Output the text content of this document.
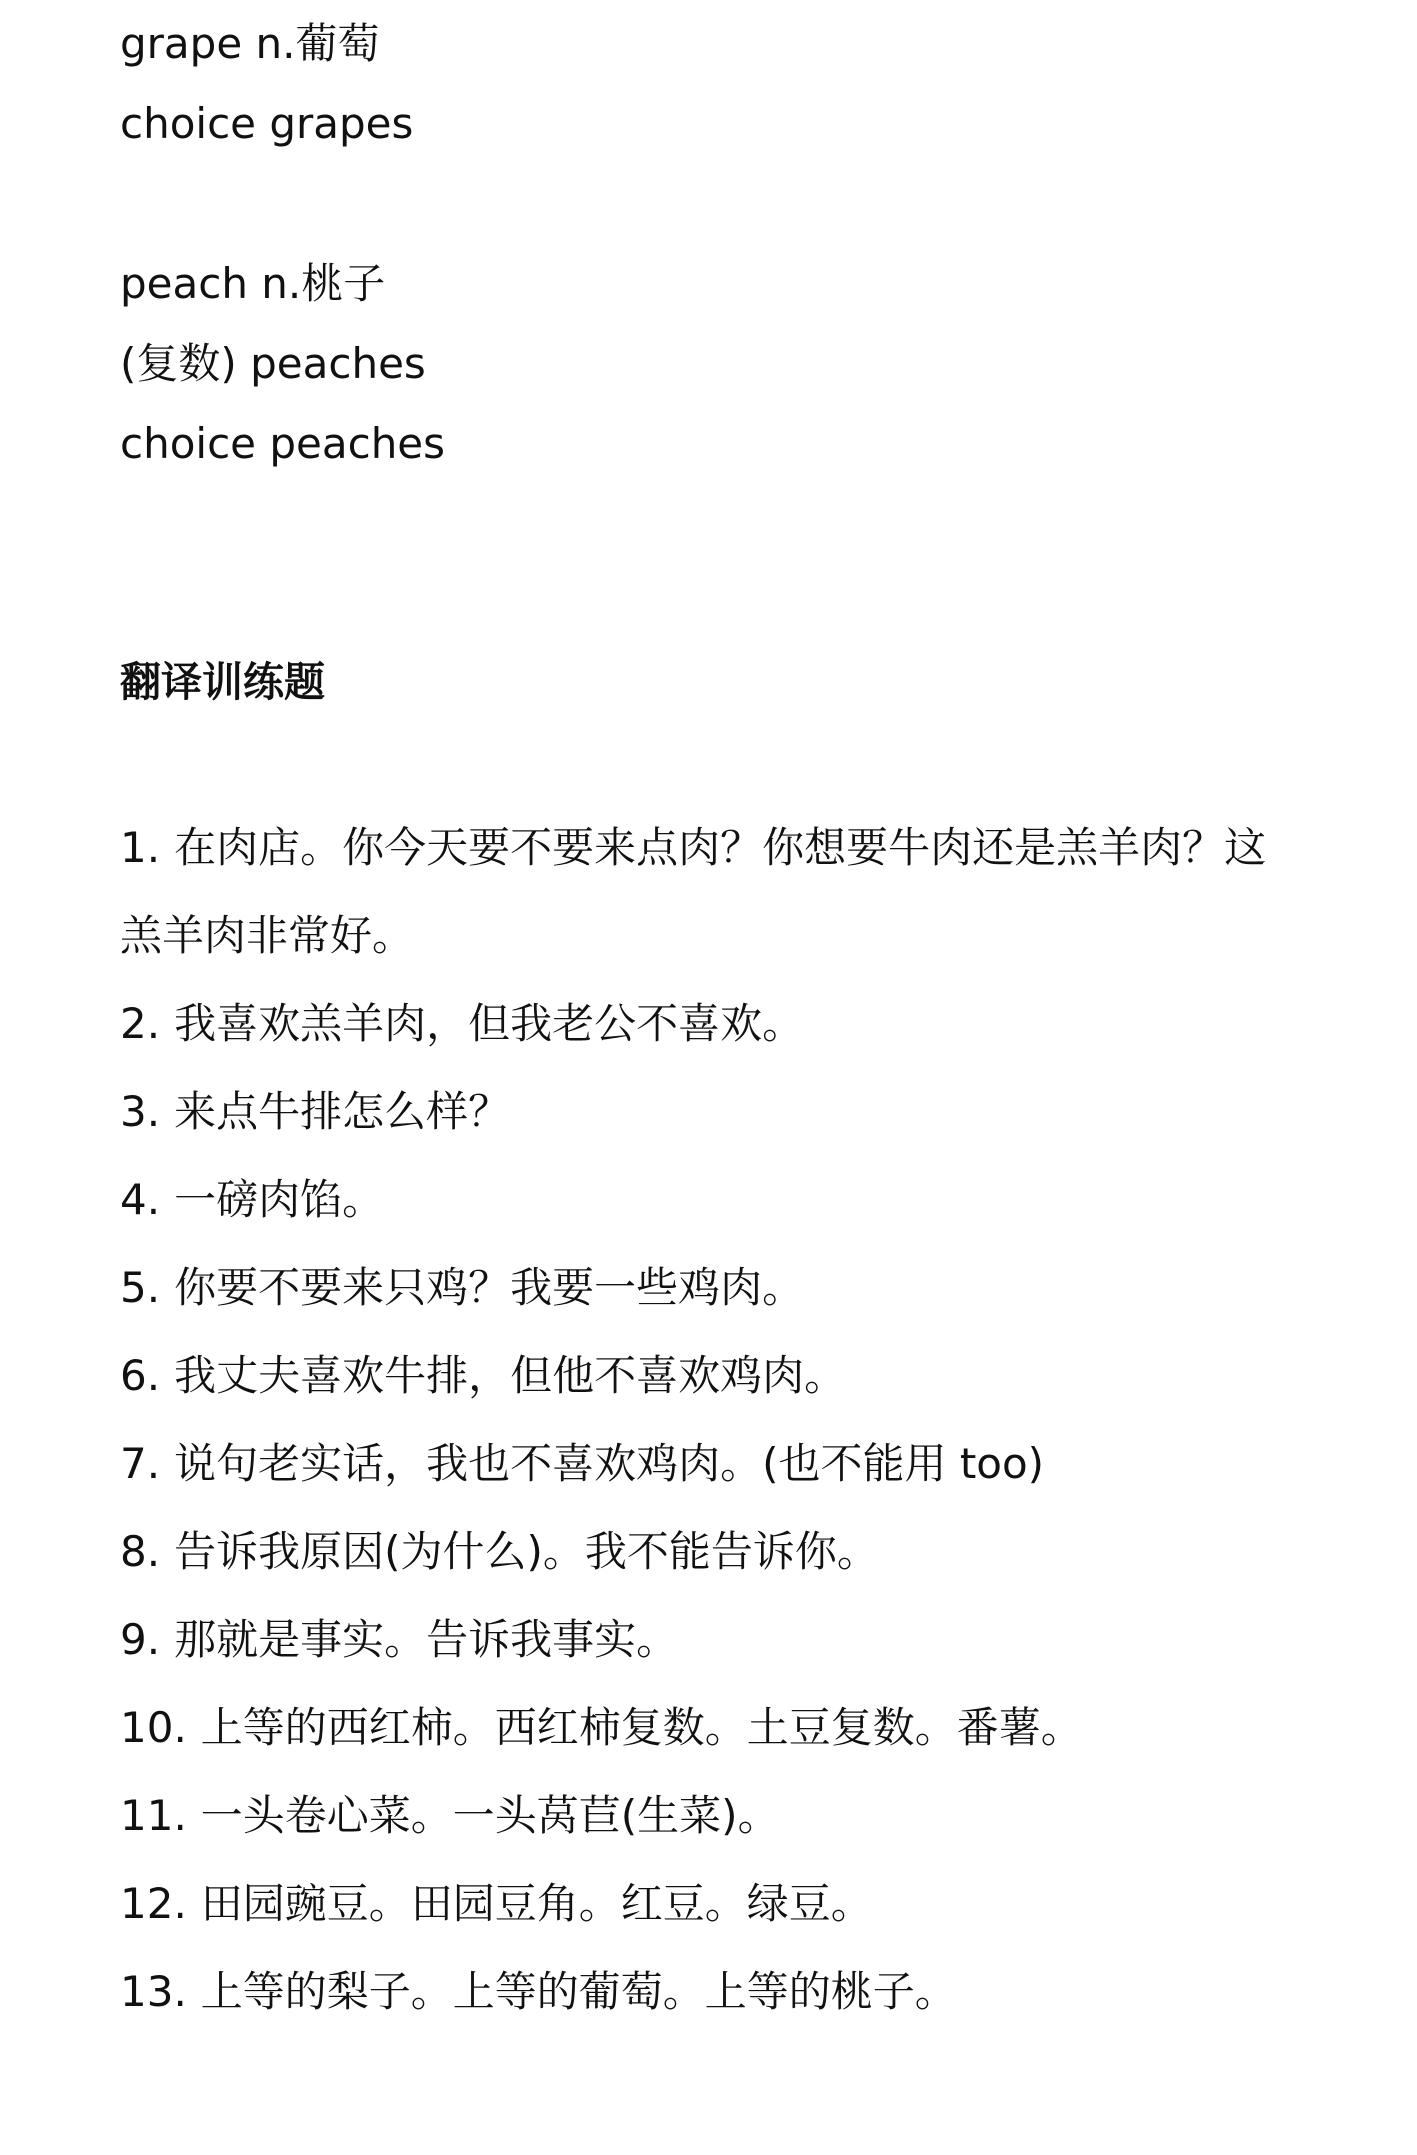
grape n.葡萄
choice grapes
peach n.桃子
(复数) peaches
choice peaches
翻译训练题
1. 在肉店。你今天要不要来点肉？你想要牛肉还是羔羊肉？这
羔羊肉非常好。
2. 我喜欢羔羊肉，但我老公不喜欢。
3. 来点牛排怎么样？
4. 一磅肉馅。
5. 你要不要来只鸡？我要一些鸡肉。
6. 我丈夫喜欢牛排，但他不喜欢鸡肉。
7. 说句老实话，我也不喜欢鸡肉。(也不能用 too)
8. 告诉我原因(为什么)。我不能告诉你。
9. 那就是事实。告诉我事实。
10. 上等的西红柿。西红柿复数。土豆复数。番薯。
11. 一头卷心菜。一头莴苣(生菜)。
12. 田园豌豆。田园豆角。红豆。绿豆。
13. 上等的梨子。上等的葡萄。上等的桃子。
